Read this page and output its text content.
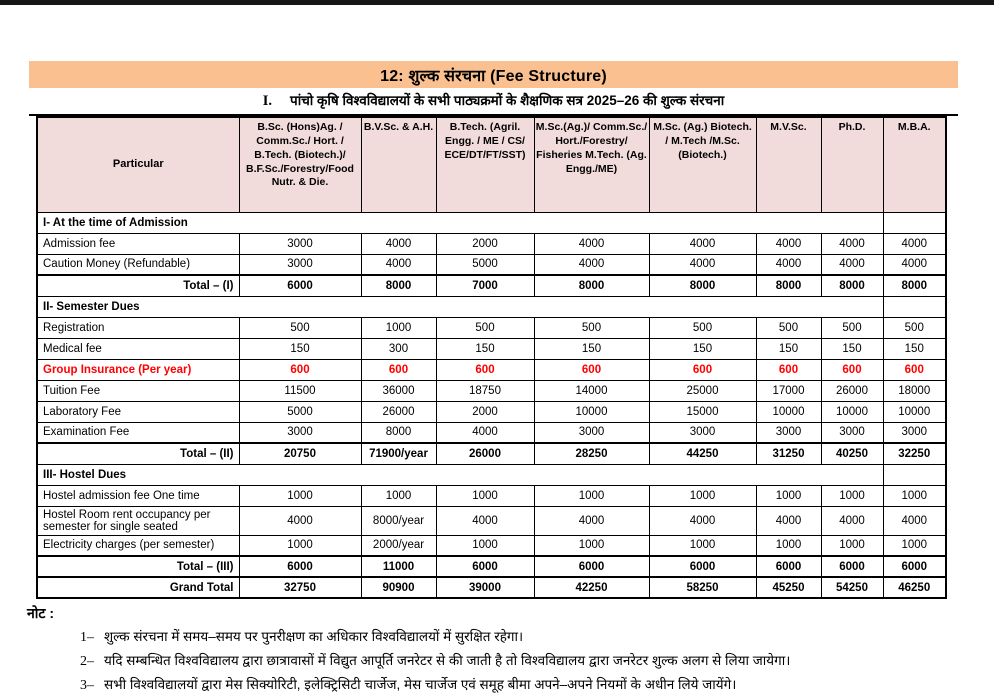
12: शुल्क संरचना (Fee Structure)
I. पांचो कृषि विश्वविद्यालयों के सभी पाठ्यक्रमों के शैक्षणिक सत्र 2025–26 की शुल्क संरचना
Particular	B.Sc. (Hons)Ag. / Comm.Sc./ Hort. / B.Tech. (Biotech.)/ B.F.Sc./Forestry/Food Nutr. & Die.	B.V.Sc. & A.H.	B.Tech. (Agril. Engg. / ME / CS/ ECE/DT/FT/SST)	M.Sc.(Ag.)/ Comm.Sc./ Hort./Forestry/ Fisheries M.Tech. (Ag. Engg./ME)	M.Sc. (Ag.) Biotech. / M.Tech /M.Sc. (Biotech.)	M.V.Sc.	Ph.D.	M.B.A.
I- At the time of Admission								
Admission fee	3000	4000	2000	4000	4000	4000	4000	4000
Caution Money (Refundable)	3000	4000	5000	4000	4000	4000	4000	4000
Total – (I)	6000	8000	7000	8000	8000	8000	8000	8000
II- Semester Dues								
Registration	500	1000	500	500	500	500	500	500
Medical fee	150	300	150	150	150	150	150	150
Group Insurance (Per year)	600	600	600	600	600	600	600	600
Tuition Fee	11500	36000	18750	14000	25000	17000	26000	18000
Laboratory Fee	5000	26000	2000	10000	15000	10000	10000	10000
Examination Fee	3000	8000	4000	3000	3000	3000	3000	3000
Total – (II)	20750	71900/year	26000	28250	44250	31250	40250	32250
III- Hostel Dues								
Hostel admission fee One time	1000	1000	1000	1000	1000	1000	1000	1000
Hostel Room rent occupancy per semester for single seated	4000	8000/year	4000	4000	4000	4000	4000	4000
Electricity charges (per semester)	1000	2000/year	1000	1000	1000	1000	1000	1000
Total – (III)	6000	11000	6000	6000	6000	6000	6000	6000
Grand Total	32750	90900	39000	42250	58250	45250	54250	46250
नोट :
1– शुल्क संरचना में समय–समय पर पुनरीक्षण का अधिकार विश्वविद्यालयों में सुरक्षित रहेगा।
2– यदि सम्बन्धित विश्वविद्यालय द्वारा छात्रावासों में विद्युत आपूर्ति जनरेटर से की जाती है तो विश्वविद्यालय द्वारा जनरेटर शुल्क अलग से लिया जायेगा।
3– सभी विश्वविद्यालयों द्वारा मेस सिक्योरिटी, इलेक्ट्रिसिटी चार्जेज, मेस चार्जेज एवं समूह बीमा अपने–अपने नियमों के अधीन लिये जायेंगे।
